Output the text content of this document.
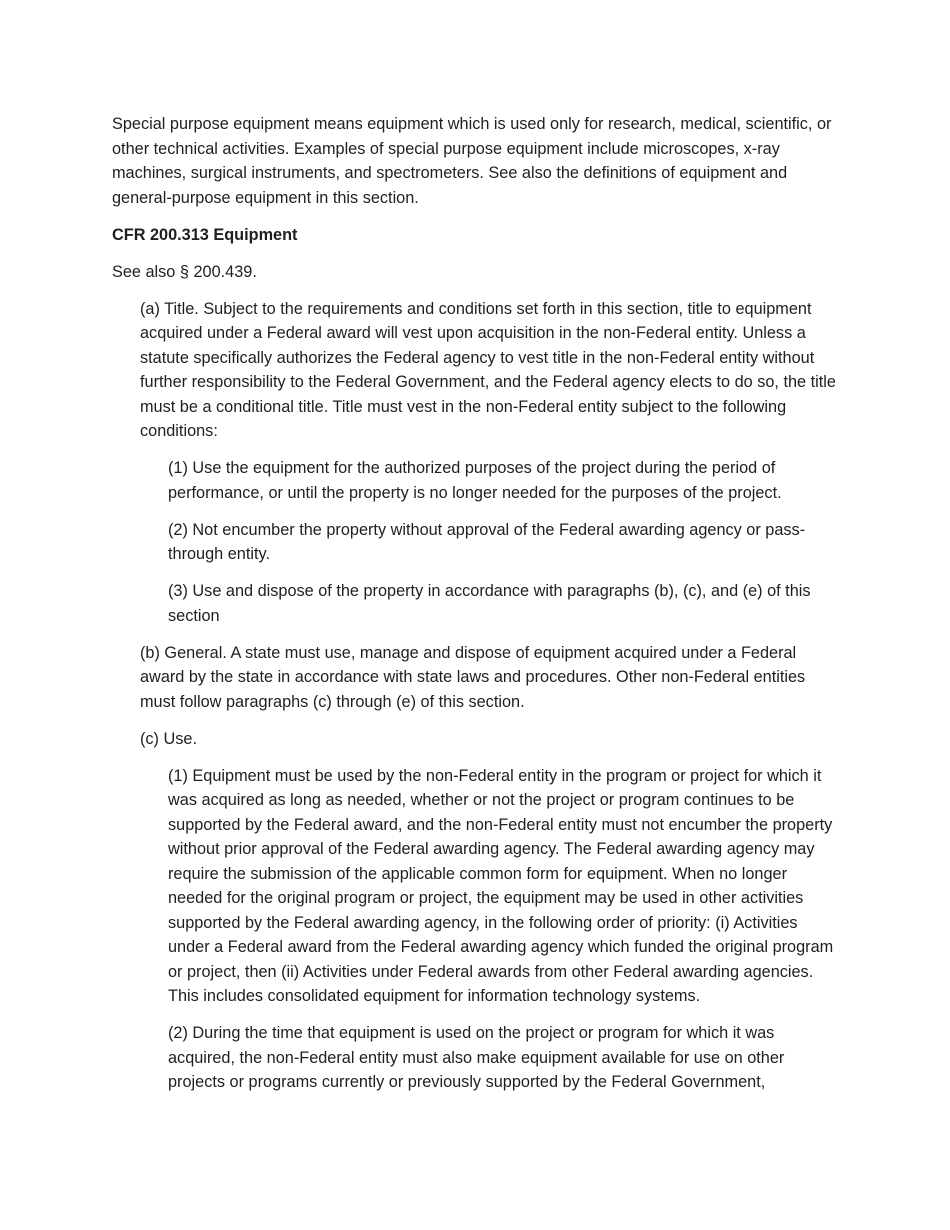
Special purpose equipment means equipment which is used only for research, medical, scientific, or other technical activities. Examples of special purpose equipment include microscopes, x-ray machines, surgical instruments, and spectrometers. See also the definitions of equipment and general-purpose equipment in this section.

CFR 200.313 Equipment

See also § 200.439.

(a) Title. Subject to the requirements and conditions set forth in this section, title to equipment acquired under a Federal award will vest upon acquisition in the non-Federal entity. Unless a statute specifically authorizes the Federal agency to vest title in the non-Federal entity without further responsibility to the Federal Government, and the Federal agency elects to do so, the title must be a conditional title. Title must vest in the non-Federal entity subject to the following conditions:

(1) Use the equipment for the authorized purposes of the project during the period of performance, or until the property is no longer needed for the purposes of the project.

(2) Not encumber the property without approval of the Federal awarding agency or pass-through entity.

(3) Use and dispose of the property in accordance with paragraphs (b), (c), and (e) of this section

(b) General. A state must use, manage and dispose of equipment acquired under a Federal award by the state in accordance with state laws and procedures. Other non-Federal entities must follow paragraphs (c) through (e) of this section.

(c) Use.

(1) Equipment must be used by the non-Federal entity in the program or project for which it was acquired as long as needed, whether or not the project or program continues to be supported by the Federal award, and the non-Federal entity must not encumber the property without prior approval of the Federal awarding agency. The Federal awarding agency may require the submission of the applicable common form for equipment. When no longer needed for the original program or project, the equipment may be used in other activities supported by the Federal awarding agency, in the following order of priority: (i) Activities under a Federal award from the Federal awarding agency which funded the original program or project, then (ii) Activities under Federal awards from other Federal awarding agencies. This includes consolidated equipment for information technology systems.

(2) During the time that equipment is used on the project or program for which it was acquired, the non-Federal entity must also make equipment available for use on other projects or programs currently or previously supported by the Federal Government,
